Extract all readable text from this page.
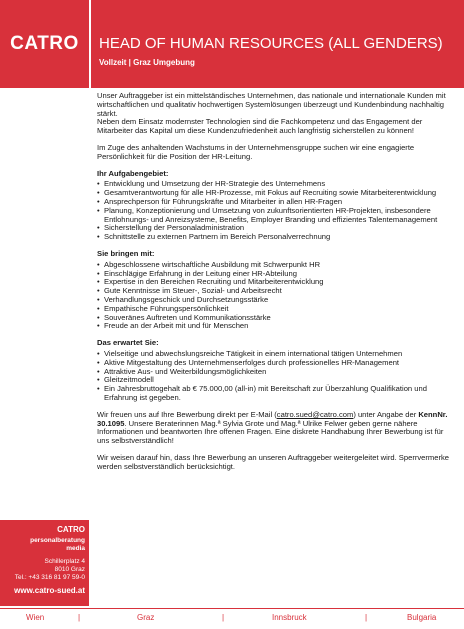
CATRO	HEAD OF HUMAN RESOURCES (ALL GENDERS)
Vollzeit | Graz Umgebung
CATRO
personalberatung
media
Schillerplatz 4
8010 Graz
Tel.: +43 316 81 97 59-0
www.catro-sued.at

Unser Auftraggeber ist ein mittelständisches Unternehmen, das nationale und internationale Kunden mit wirtschaftlichen und qualitativ hochwertigen Systemlösungen überzeugt und Kundenbindung nachhaltig stärkt.
Neben dem Einsatz modernster Technologien sind die Fachkompetenz und das Engagement der Mitarbeiter das Kapital um diese Kundenzufriedenheit auch langfristig sicherstellen zu können!

Im Zuge des anhaltenden Wachstums in der Unternehmensgruppe suchen wir eine engagierte Persönlichkeit für die Position der HR-Leitung.

Ihr Aufgabengebiet:
• Entwicklung und Umsetzung der HR-Strategie des Unternehmens
• Gesamtverantwortung für alle HR-Prozesse, mit Fokus auf Recruiting sowie Mitarbeiterentwicklung
• Ansprechperson für Führungskräfte und Mitarbeiter in allen HR-Fragen
• Planung, Konzeptionierung und Umsetzung von zukunftsorientierten HR-Projekten, insbesondere Entlohnungs- und Anreizsysteme, Benefits, Employer Branding und effizientes Talentemanagement
• Sicherstellung der Personaladministration
• Schnittstelle zu externen Partnern im Bereich Personalverrechnung
Sie bringen mit:
• Abgeschlossene wirtschaftliche Ausbildung mit Schwerpunkt HR
• Einschlägige Erfahrung in der Leitung einer HR-Abteilung
• Expertise in den Bereichen Recruiting und Mitarbeiterentwicklung
• Gute Kenntnisse im Steuer-, Sozial- und Arbeitsrecht
• Verhandlungsgeschick und Durchsetzungsstärke
• Empathische Führungspersönlichkeit
• Souveränes Auftreten und Kommunikationsstärke
• Freude an der Arbeit mit und für Menschen
Das erwartet Sie:
• Vielseitige und abwechslungsreiche Tätigkeit in einem international tätigen Unternehmen
• Aktive Mitgestaltung des Unternehmenserfolges durch professionelles HR-Management
• Attraktive Aus- und Weiterbildungsmöglichkeiten
• Gleitzeitmodell
• Ein Jahresbruttogehalt ab € 75.000,00 (all-in) mit Bereitschaft zur Überzahlung Qualifikation und Erfahrung ist gegeben.

Wir freuen uns auf Ihre Bewerbung direkt per E-Mail (catro.sued@catro.com) unter Angabe der KennNr. 30.1095. Unsere Beraterinnen Mag.ª Sylvia Grote und Mag.ª Ulrike Felwer geben gerne nähere Informationen und beantworten Ihre offenen Fragen. Eine diskrete Handhabung Ihrer Bewerbung ist für uns selbstverständlich!

Wir weisen darauf hin, dass Ihre Bewerbung an unseren Auftraggeber weitergeleitet wird. Sperrvermerke werden selbstverständlich berücksichtigt.

Wien	|	Graz	|	Innsbruck	|	Bulgaria
